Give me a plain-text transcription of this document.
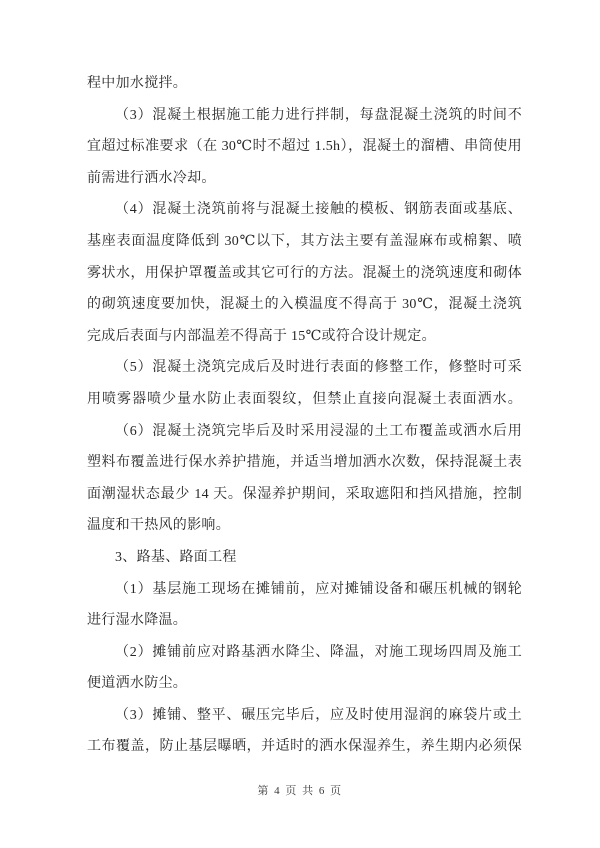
程中加水搅拌。
（3）混凝土根据施工能力进行拌制，每盘混凝土浇筑的时间不
宜超过标准要求（在 30℃时不超过 1.5h），混凝土的溜槽、串筒使用
前需进行洒水冷却。
（4）混凝土浇筑前将与混凝土接触的模板、钢筋表面或基底、
基座表面温度降低到 30℃以下，其方法主要有盖湿麻布或棉絮、喷
雾状水，用保护罩覆盖或其它可行的方法。混凝土的浇筑速度和砌体
的砌筑速度要加快，混凝土的入模温度不得高于 30℃，混凝土浇筑
完成后表面与内部温差不得高于 15℃或符合设计规定。
（5）混凝土浇筑完成后及时进行表面的修整工作，修整时可采
用喷雾器喷少量水防止表面裂纹，但禁止直接向混凝土表面洒水。
（6）混凝土浇筑完毕后及时采用浸湿的土工布覆盖或洒水后用
塑料布覆盖进行保水养护措施，并适当增加洒水次数，保持混凝土表
面潮湿状态最少 14 天。保湿养护期间，采取遮阳和挡风措施，控制
温度和干热风的影响。
3、路基、路面工程
（1）基层施工现场在摊铺前，应对摊铺设备和碾压机械的钢轮
进行湿水降温。
（2）摊铺前应对路基洒水降尘、降温，对施工现场四周及施工
便道洒水防尘。
（3）摊铺、整平、碾压完毕后，应及时使用湿润的麻袋片或土
工布覆盖，防止基层曝晒，并适时的洒水保湿养生，养生期内必须保
第 4 页 共 6 页
